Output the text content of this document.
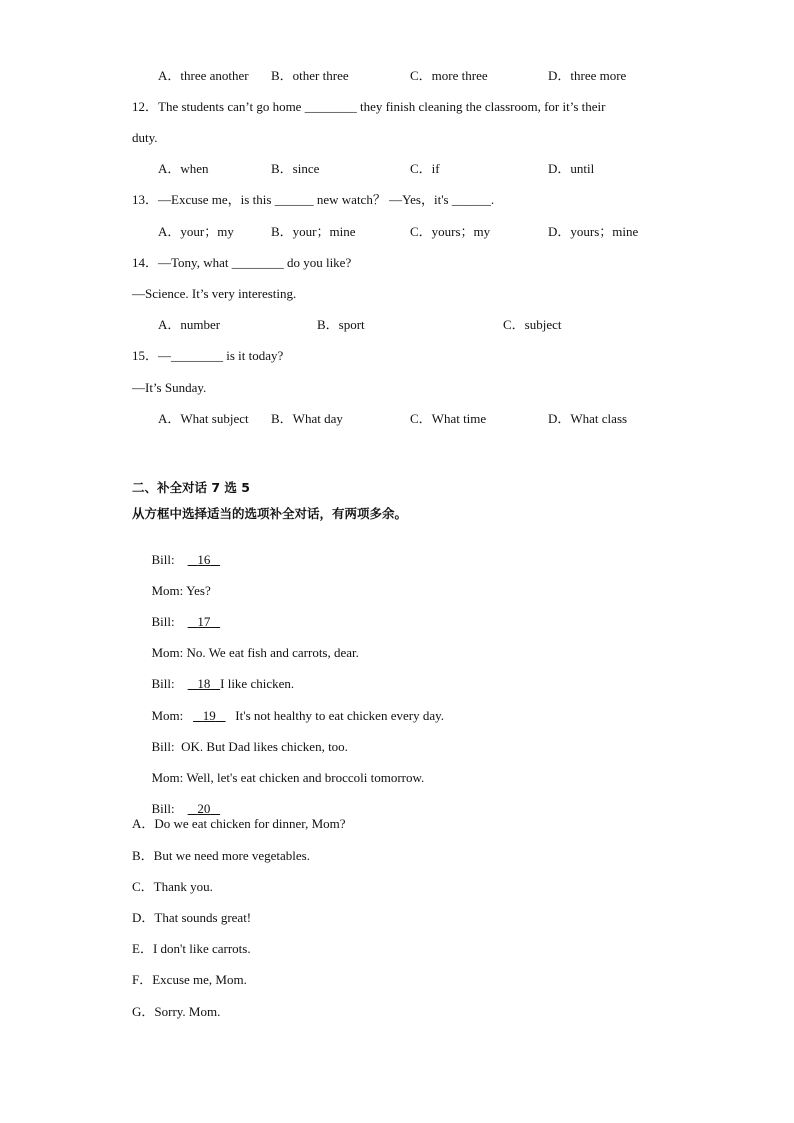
A．three another B．other three	C．more three	D．three more
12．The students can’t go home ________ they finish cleaning the classroom, for it’s their
duty.
A．when	B．since	C．if	D．until
13．—Excuse me，is this ______ new watch？ —Yes，it's ______.
A．your；my	B．your；mine	C．yours；my	D．yours；mine
14．—Tony, what ________ do you like?
—Science. It’s very interesting.
A．number	B．sport	C．subject
15．—________ is it today?
—It’s Sunday.
A．What subject B．What day	C．What time	D．What class
二、补全对话 7 选 5
从方框中选择适当的选项补全对话，有两项多余。

Bill: 16

Mom: Yes?

Bill: 17

Mom: No. We eat fish and carrots, dear.

Bill: 18 I like chicken.

Mom: 19 It's not healthy to eat chicken every day.

Bill: OK. But Dad likes chicken, too.

Mom: Well, let's eat chicken and broccoli tomorrow.

Bill: 20

A．Do we eat chicken for dinner, Mom?
B．But we need more vegetables.
C．Thank you.
D．That sounds great!
E．I don't like carrots.
F．Excuse me, Mom.
G．Sorry. Mom.
